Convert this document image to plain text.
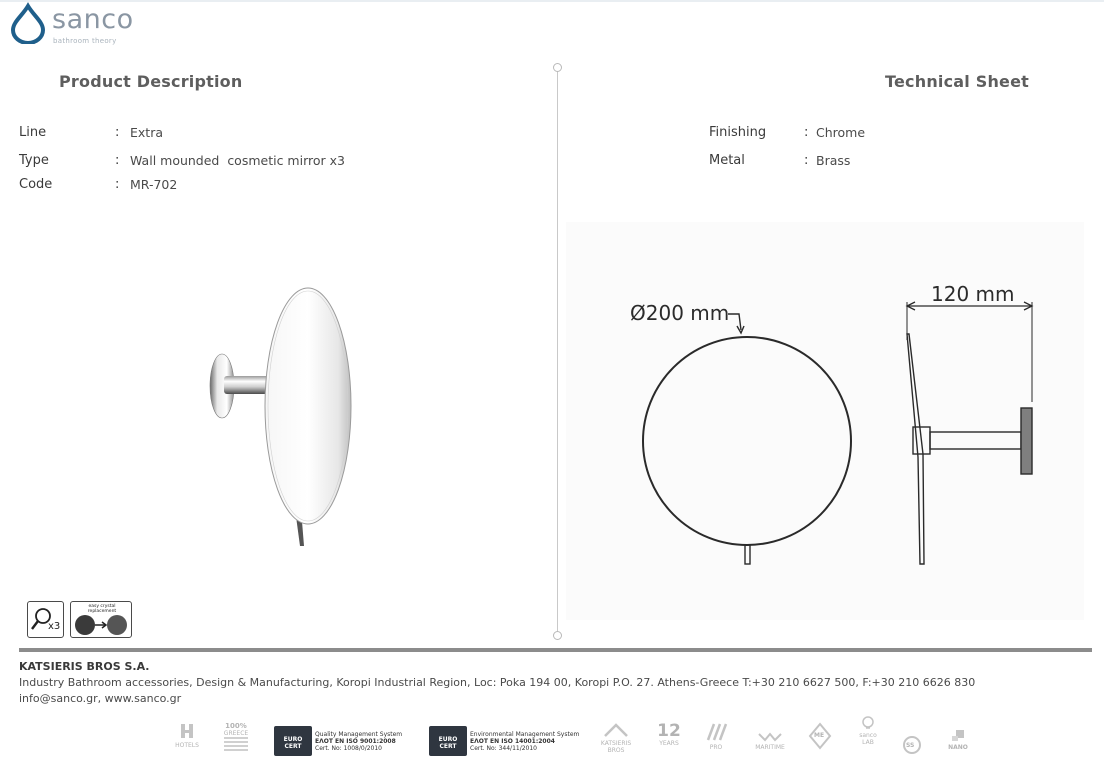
sanco
bathroom theory
Product Description	Technical Sheet
Line	: Extra
Type	: Wall mounded  cosmetic mirror x3
Code	: MR-702
Finishing	: Chrome
Metal	: Brass
Ø200 mm
120 mm
x3
easy crystal replacement
KATSIERIS BROS S.A.
Industry Bathroom accessories, Design & Manufacturing, Koropi Industrial Region, Loc: Poka 194 00, Koropi P.O. 27. Athens-Greece T:+30 210 6627 500, F:+30 210 6626 830
info@sanco.gr, www.sanco.gr
HOTELS
100%
GREECE
EURO CERT
Quality Management System
ΕΛΟΤ EN ISO 9001:2008
Cert. No: 1008/0/2010
EURO CERT
Environmental Management System
ΕΛΟΤ EN ISO 14001:2004
Cert. No: 344/11/2010
KATSIERIS BROS
12
YEARS
PRO	MARITIME
ME	sanco LAB	SS	NANO
